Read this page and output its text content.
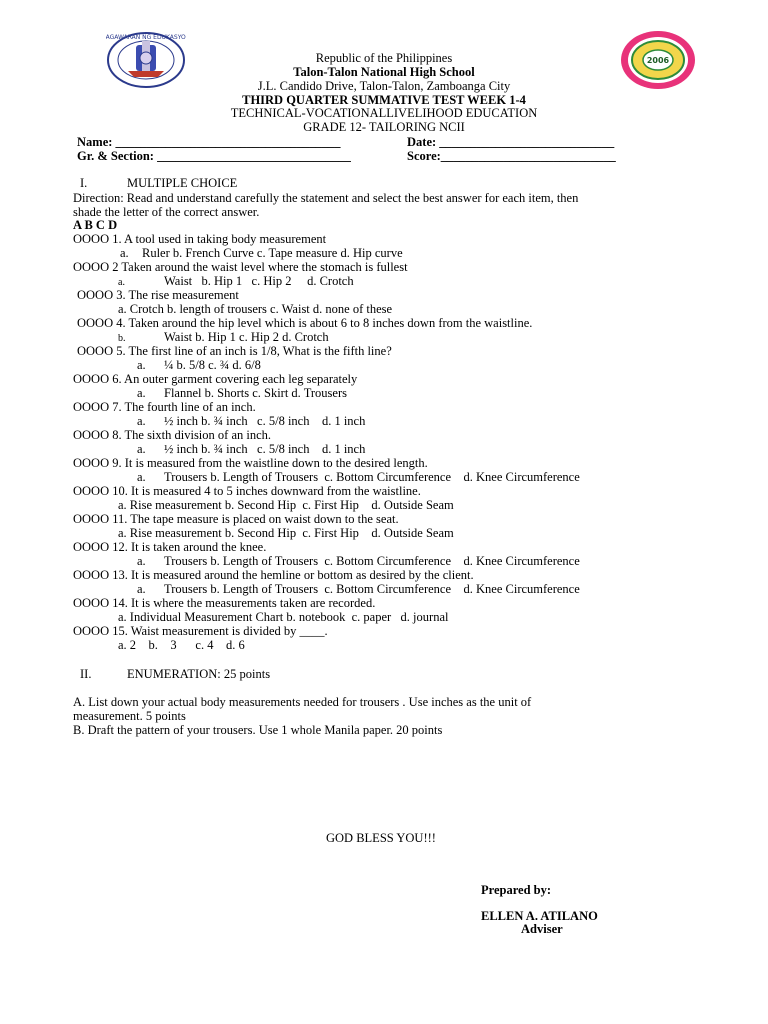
KAGAWARAN NG EDUKASYON
2006
Republic of the Philippines
Talon-Talon National High School
J.L. Candido Drive, Talon-Talon, Zamboanga City
THIRD QUARTER SUMMATIVE TEST WEEK 1-4
TECHNICAL-VOCATIONALLIVELIHOOD EDUCATION
GRADE 12- TAILORING NCII
Name: ____________________________________	Date: ____________________________
Gr. & Section: _______________________________	Score:____________________________
I.	MULTIPLE CHOICE
Direction: Read and understand carefully the statement and select the best answer for each item, then
shade the letter of the correct answer.
A B C D
OOOO 1. A tool used in taking body measurement
a. Ruler b. French Curve c. Tape measure d. Hip curve
OOOO 2 Taken around the waist level where the stomach is fullest
a.	Waist   b. Hip 1   c. Hip 2     d. Crotch
OOOO 3. The rise measurement
a. Crotch b. length of trousers c. Waist d. none of these
OOOO 4. Taken around the hip level which is about 6 to 8 inches down from the waistline.
b.	Waist b. Hip 1 c. Hip 2 d. Crotch
OOOO 5. The first line of an inch is 1/8, What is the fifth line?
a. ¼ b. 5/8 c. ¾ d. 6/8
OOOO 6. An outer garment covering each leg separately
a. Flannel b. Shorts c. Skirt d. Trousers
OOOO 7. The fourth line of an inch.
a. ½ inch b. ¾ inch   c. 5/8 inch    d. 1 inch
OOOO 8. The sixth division of an inch.
a. ½ inch b. ¾ inch   c. 5/8 inch    d. 1 inch
OOOO 9. It is measured from the waistline down to the desired length.
a. Trousers b. Length of Trousers  c. Bottom Circumference    d. Knee Circumference
OOOO 10. It is measured 4 to 5 inches downward from the waistline.
a. Rise measurement b. Second Hip  c. First Hip    d. Outside Seam
OOOO 11. The tape measure is placed on waist down to the seat.
a. Rise measurement b. Second Hip  c. First Hip    d. Outside Seam
OOOO 12. It is taken around the knee.
a. Trousers b. Length of Trousers  c. Bottom Circumference    d. Knee Circumference
OOOO 13. It is measured around the hemline or bottom as desired by the client.
a. Trousers b. Length of Trousers  c. Bottom Circumference    d. Knee Circumference
OOOO 14. It is where the measurements taken are recorded.
a. Individual Measurement Chart b. notebook  c. paper   d. journal
OOOO 15. Waist measurement is divided by ____.
a. 2    b.    3      c. 4    d. 6
II.	ENUMERATION: 25 points
A. List down your actual body measurements needed for trousers . Use inches as the unit of
measurement. 5 points
B. Draft the pattern of your trousers. Use 1 whole Manila paper. 20 points
GOD BLESS YOU!!!
Prepared by:
ELLEN A. ATILANO
Adviser
